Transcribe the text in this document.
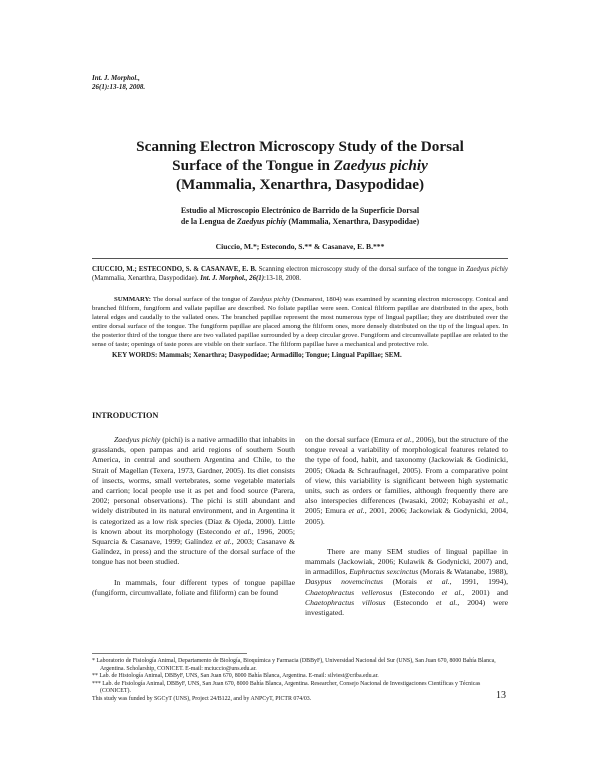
Int. J. Morphol.,
26(1):13-18, 2008.
Scanning Electron Microscopy Study of the Dorsal
Surface of the Tongue in Zaedyus pichiy
(Mammalia, Xenarthra, Dasypodidae)
Estudio al Microscopio Electrónico de Barrido de la Superficie Dorsal
de la Lengua de Zaedyus pichiy (Mammalia, Xenarthra, Dasypodidae)
Ciuccio, M.*; Estecondo, S.** & Casanave, E. B.***
CIUCCIO, M.; ESTECONDO, S. & CASANAVE, E. B. Scanning electron microscopy study of the dorsal surface of the tongue in Zaedyus pichiy (Mammalia, Xenarthra, Dasypodidae). Int. J. Morphol., 26(1):13-18, 2008.
SUMMARY: The dorsal surface of the tongue of Zaedyus pichiy (Desmarest, 1804) was examined by scanning electron microscopy. Conical and branched filiform, fungiform and vallate papillae are described. No foliate papillae were seen. Conical filiform papillae are distributed in the apex, both lateral edges and caudally to the vallated ones. The branched papillae represent the most numerous type of lingual papillae; they are distributed over the entire dorsal surface of the tongue. The fungiform papillae are placed among the filiform ones, more densely distributed on the tip of the lingual apex. In the posterior third of the tongue there are two vallated papillae surrounded by a deep circular grove. Fungiform and circumvallate papillae are related to the sense of taste; openings of taste pores are visible on their surface. The filiform papillae have a mechanical and protective role.
KEY WORDS: Mammals; Xenarthra; Dasypodidae; Armadillo; Tongue; Lingual Papillae; SEM.
INTRODUCTION

Zaedyus pichiy (pichi) is a native armadillo that inhabits in grasslands, open pampas and arid regions of southern South America, in central and southern Argentina and Chile, to the Strait of Magellan (Texera, 1973, Gardner, 2005). Its diet consists of insects, worms, small vertebrates, some vegetable materials and carrion; local people use it as pet and food source (Parera, 2002; personal observations). The pichi is still abundant and widely distributed in its natural environment, and in Argentina it is categorized as a low risk species (Díaz & Ojeda, 2000). Little is known about its morphology (Estecondo et al., 1996, 2005; Squarcia & Casanave, 1999; Galíndez et al., 2003; Casanave & Galíndez, in press) and the structure of the dorsal surface of the tongue has not been studied.

In mammals, four different types of tongue papillae (fungiform, circumvallate, foliate and filiform) can be found

on the dorsal surface (Emura et al., 2006), but the structure of the tongue reveal a variability of morphological features related to the type of food, habit, and taxonomy (Jackowiak & Godinicki, 2005; Okada & Schraufnagel, 2005). From a comparative point of view, this variability is significant between high systematic units, such as orders or families, although frequently there are also interspecies differences (Iwasaki, 2002; Kobayashi et al., 2005; Emura et al., 2001, 2006; Jackowiak & Godynicki, 2004, 2005).

There are many SEM studies of lingual papillae in mammals (Jackowiak, 2006; Kulawik & Godynicki, 2007) and, in armadillos, Euphractus sexcinctus (Morais & Watanabe, 1988), Dasypus novemcinctus (Morais et al., 1991, 1994), Chaetophractus vellerosus (Estecondo et al., 2001) and Chaetophractus villosus (Estecondo et al., 2004) were investigated.

* Laboratorio de Fisiología Animal, Departamento de Biología, Bioquímica y Farmacia (DBByF), Universidad Nacional del Sur (UNS), San Juan 670, 8000 Bahía Blanca, Argentina. Scholarship, CONICET. E-mail: mciuccio@uns.edu.ar.
** Lab. de Histología Animal, DBByF, UNS, San Juan 670, 8000 Bahía Blanca, Argentina. E-mail: silviest@criba.edu.ar.
*** Lab. de Fisiología Animal, DBByF, UNS, San Juan 670, 8000 Bahía Blanca, Argentina. Researcher, Consejo Nacional de Investigaciones Científicas y Técnicas (CONICET).
This study was funded by SGCyT (UNS), Project 24/B122, and by ANPCyT, PICTR 074/03.	13
